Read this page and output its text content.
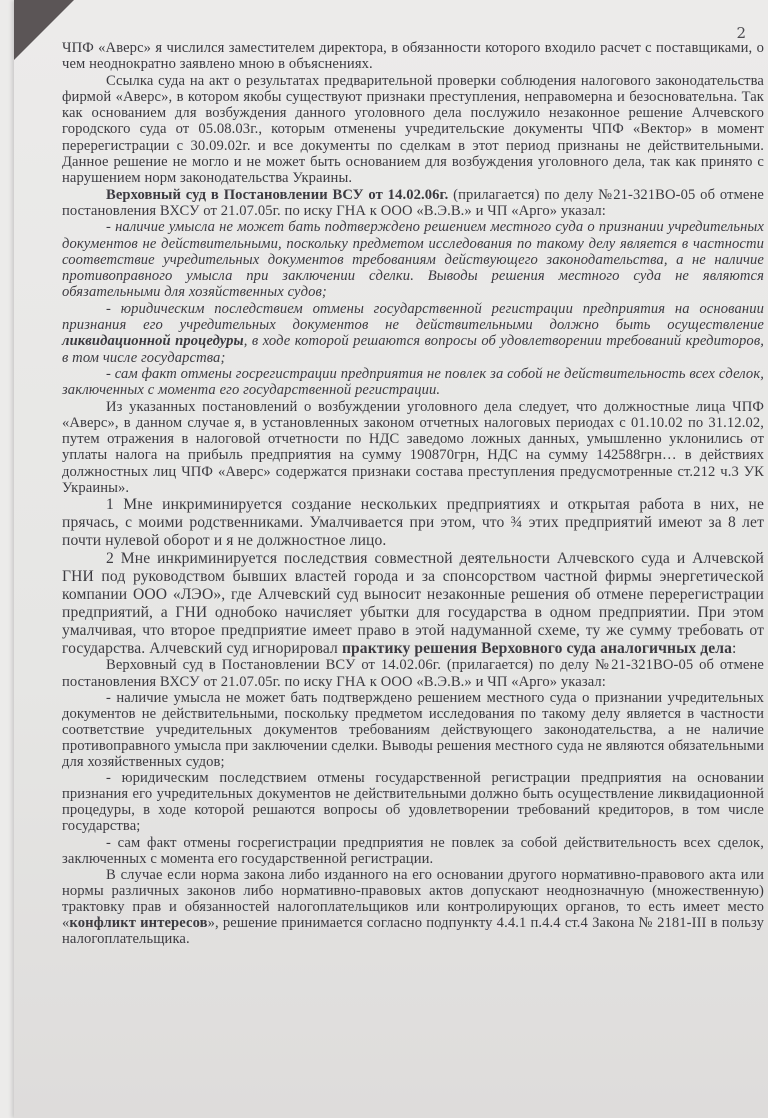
2

ЧПФ «Аверс» я числился заместителем директора, в обязанности которого входило расчет с поставщиками, о чем неоднократно заявлено мною в объяснениях.

Ссылка суда на акт о результатах предварительной проверки соблюдения налогового законодательства фирмой «Аверс», в котором якобы существуют признаки преступления, неправомерна и безосновательна. Так как основанием для возбуждения данного уголовного дела послужило незаконное решение Алчевского городского суда от 05.08.03г., которым отменены учредительские документы ЧПФ «Вектор» в момент перерегистрации с 30.09.02г. и все документы по сделкам в этот период признаны не действительными. Данное решение не могло и не может быть основанием для возбуждения уголовного дела, так как принято с нарушением норм законодательства Украины.

Верховный суд в Постановлении ВСУ от 14.02.06г. (прилагается) по делу №21-321ВО-05 об отмене постановления ВХСУ от 21.07.05г. по иску ГНА к ООО «В.Э.В.» и ЧП «Арго» указал:

- наличие умысла не может бать подтверждено решением местного суда о признании учредительных документов не действительными, поскольку предметом исследования по такому делу является в частности соответствие учредительных документов требованиям действующего законодательства, а не наличие противоправного умысла при заключении сделки. Выводы решения местного суда не являются обязательными для хозяйственных судов;

- юридическим последствием отмены государственной регистрации предприятия на основании признания его учредительных документов не действительными должно быть осуществление ликвидационной процедуры, в ходе которой решаются вопросы об удовлетворении требований кредиторов, в том числе государства;

- сам факт отмены госрегистрации предприятия не повлек за собой не действительность всех сделок, заключенных с момента его государственной регистрации.

Из указанных постановлений о возбуждении уголовного дела следует, что должностные лица ЧПФ «Аверс», в данном случае я, в установленных законом отчетных налоговых периодах с 01.10.02 по 31.12.02, путем отражения в налоговой отчетности по НДС заведомо ложных данных, умышленно уклонились от уплаты налога на прибыль предприятия на сумму 190870грн, НДС на сумму 142588грн… в действиях должностных лиц ЧПФ «Аверс» содержатся признаки состава преступления предусмотренные ст.212 ч.3 УК Украины».

1 Мне инкриминируется создание нескольких предприятиях и открытая работа в них, не прячась, с моими родственниками. Умалчивается при этом, что ¾ этих предприятий имеют за 8 лет почти нулевой оборот и я не должностное лицо.

2 Мне инкриминируется последствия совместной деятельности Алчевского суда и Алчевской ГНИ под руководством бывших властей города и за спонсорством частной фирмы энергетической компании ООО «ЛЭО», где Алчевский суд выносит незаконные решения об отмене перерегистрации предприятий, а ГНИ однобоко начисляет убытки для государства в одном предприятии. При этом умалчивая, что второе предприятие имеет право в этой надуманной схеме, ту же сумму требовать от государства. Алчевский суд игнорировал практику решения Верховного суда аналогичных дела:

Верховный суд в Постановлении ВСУ от 14.02.06г. (прилагается) по делу №21-321ВО-05 об отмене постановления ВХСУ от 21.07.05г. по иску ГНА к ООО «В.Э.В.» и ЧП «Арго» указал:

- наличие умысла не может бать подтверждено решением местного суда о признании учредительных документов не действительными, поскольку предметом исследования по такому делу является в частности соответствие учредительных документов требованиям действующего законодательства, а не наличие противоправного умысла при заключении сделки. Выводы решения местного суда не являются обязательными для хозяйственных судов;

- юридическим последствием отмены государственной регистрации предприятия на основании признания его учредительных документов не действительными должно быть осуществление ликвидационной процедуры, в ходе которой решаются вопросы об удовлетворении требований кредиторов, в том числе государства;

- сам факт отмены госрегистрации предприятия не повлек за собой действительность всех сделок, заключенных с момента его государственной регистрации.

В случае если норма закона либо изданного на его основании другого нормативно-правового акта или нормы различных законов либо нормативно-правовых актов допускают неоднозначную (множественную) трактовку прав и обязанностей налогоплательщиков или контролирующих органов, то есть имеет место «конфликт интересов», решение принимается согласно подпункту 4.4.1 п.4.4 ст.4 Закона № 2181-III в пользу налогоплательщика.
